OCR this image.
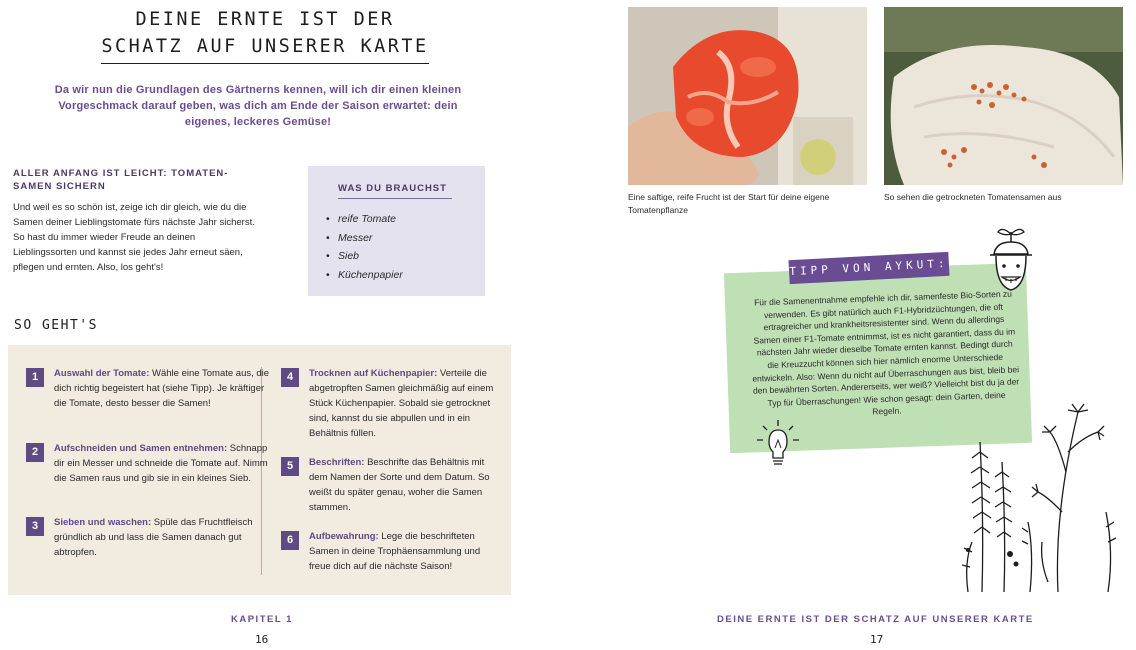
DEINE ERNTE IST DER
SCHATZ AUF UNSERER KARTE

Da wir nun die Grundlagen des Gärtnerns kennen, will ich dir einen kleinen Vorgeschmack darauf geben, was dich am Ende der Saison erwartet: dein eigenes, leckeres Gemüse!

ALLER ANFANG IST LEICHT: TOMATEN-SAMEN SICHERN

Und weil es so schön ist, zeige ich dir gleich, wie du die Samen deiner Lieblingstomate fürs nächste Jahr sicherst. So hast du immer wieder Freude an deinen Lieblingssorten und kannst sie jedes Jahr erneut säen, pflegen und ernten. Also, los geht's!

WAS DU BRAUCHST
• reife Tomate
• Messer
• Sieb
• Küchenpapier
SO GEHT'S
1	Auswahl der Tomate: Wähle eine Tomate aus, die dich richtig begeistert hat (siehe Tipp). Je kräftiger die Tomate, desto besser die Samen!
2	Aufschneiden und Samen entnehmen: Schnapp dir ein Messer und schneide die Tomate auf. Nimm die Samen raus und gib sie in ein kleines Sieb.
3	Sieben und waschen: Spüle das Fruchtfleisch gründlich ab und lass die Samen danach gut abtropfen.
4	Trocknen auf Küchenpapier: Verteile die abgetropften Samen gleichmäßig auf einem Stück Küchenpapier. Sobald sie getrocknet sind, kannst du sie abpullen und in ein Behältnis füllen.
5	Beschriften: Beschrifte das Behältnis mit dem Namen der Sorte und dem Datum. So weißt du später genau, woher die Samen stammen.
6	Aufbewahrung: Lege die beschrifteten Samen in deine Trophäensammlung und freue dich auf die nächste Saison!
KAPITEL 1
16
Eine saftige, reife Frucht ist der Start für deine eigene Tomatenpflanze
So sehen die getrockneten Tomatensamen aus
TIPP VON AYKUT:

Für die Samenentnahme empfehle ich dir, samenfeste Bio-Sorten zu verwenden. Es gibt natürlich auch F1-Hybridzüchtungen, die oft ertragreicher und krankheitsresistenter sind. Wenn du allerdings Samen einer F1-Tomate entnimmst, ist es nicht garantiert, dass du im nächsten Jahr wieder dieselbe Tomate ernten kannst. Bedingt durch die Kreuzzucht können sich hier nämlich enorme Unterschiede entwickeln. Also: Wenn du nicht auf Überraschungen aus bist, bleib bei den bewährten Sorten. Andererseits, wer weiß? Vielleicht bist du ja der Typ für Überraschungen! Wie schon gesagt: dein Garten, deine Regeln.

DEINE ERNTE IST DER SCHATZ AUF UNSERER KARTE
17
